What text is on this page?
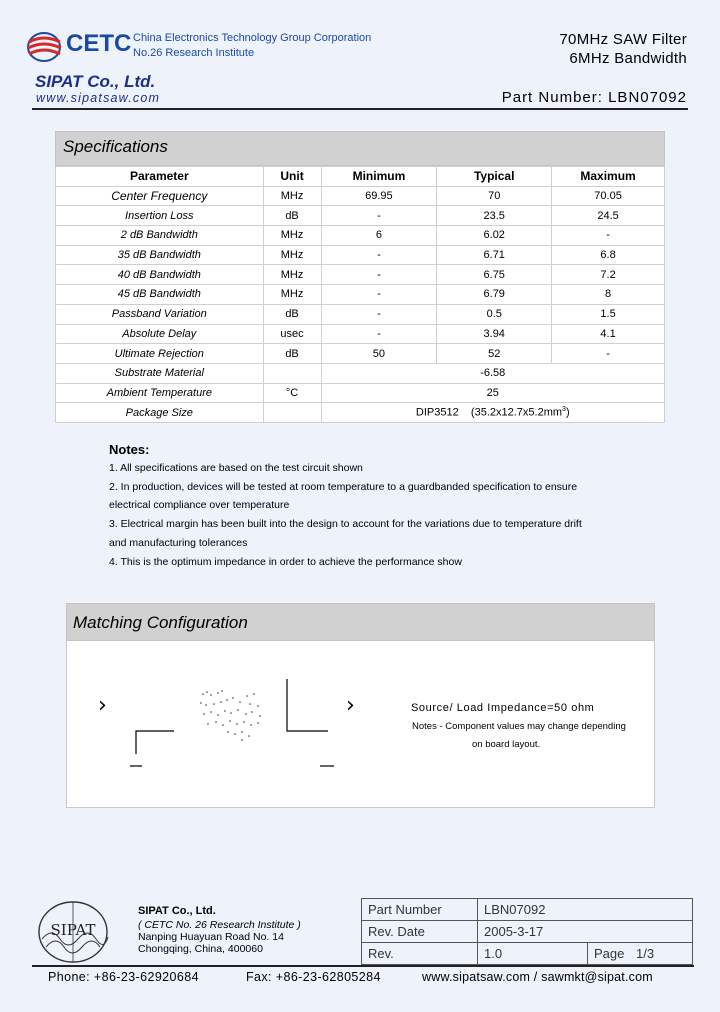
CETC China Electronics Technology Group Corporation
No.26 Research Institute
70MHz SAW Filter
6MHz Bandwidth
SIPAT Co., Ltd.
www.sipatsaw.com	Part Number: LBN07092
Specifications
Parameter	Unit	Minimum	Typical	Maximum
Center Frequency	MHz	69.95	70	70.05
Insertion Loss	dB	-	23.5	24.5
2 dB Bandwidth	MHz	6	6.02	-
35 dB Bandwidth	MHz	-	6.71	6.8
40 dB Bandwidth	MHz	-	6.75	7.2
45 dB Bandwidth	MHz	-	6.79	8
Passband Variation	dB	-	0.5	1.5
Absolute Delay	usec	-	3.94	4.1
Ultimate Rejection	dB	50	52	-
Substrate Material		-6.58		
Ambient Temperature	°C	25		
Package Size		DIP3512    $(35.2x12.7x5.2mm^3)$		
Notes:
1. All specifications are based on the test circuit shown
2. In production, devices will be tested at room temperature to a guardbanded specification to ensure
electrical compliance over temperature
3. Electrical margin has been built into the design to account for the variations due to temperature drift
and manufacturing tolerances
4. This is the optimum impedance in order to achieve the performance show
Matching Configuration
›	›	Source/ Load Impedance=50 ohm
Notes - Component values may change depending
on board layout.
SIPAT
SIPAT Co., Ltd.
( CETC No. 26 Research Institute )
Nanping Huayuan Road No. 14
Chongqing, China, 400060
Part Number	LBN07092	
Rev. Date	2005-3-17	
Rev.	1.0	Page 1/3
Phone: +86-23-62920684	Fax: +86-23-62805284	www.sipatsaw.com / sawmkt@sipat.com
